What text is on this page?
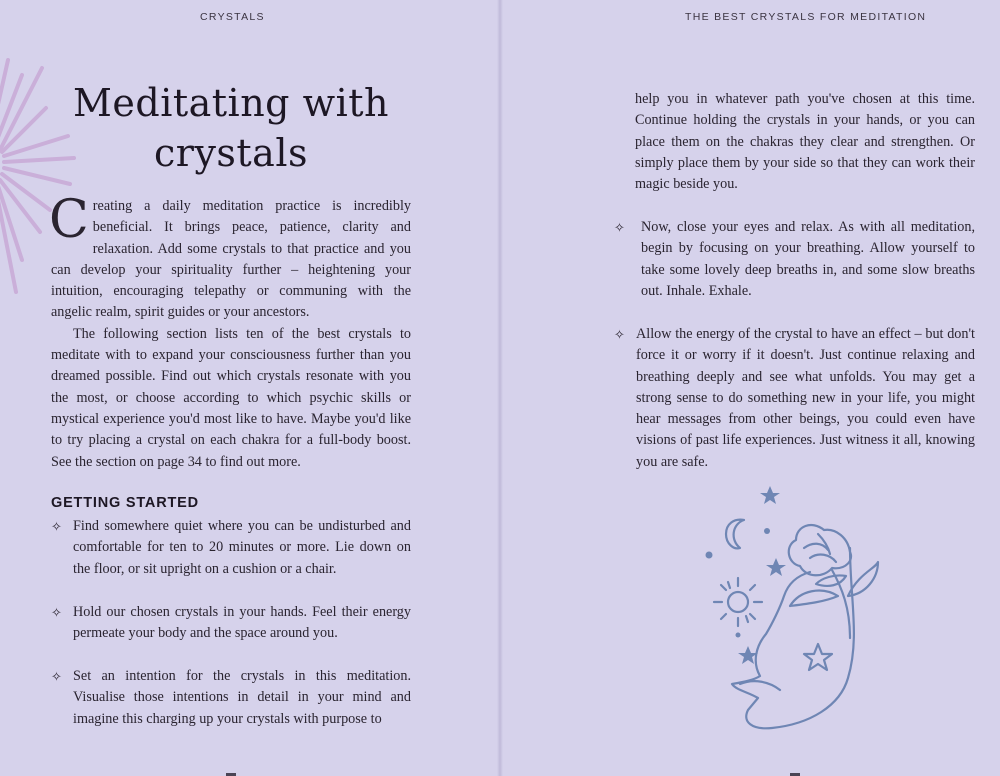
CRYSTALS
Meditating with crystals

Creating a daily meditation practice is incredibly beneficial. It brings peace, patience, clarity and relaxation. Add some crystals to that practice and you can develop your spirituality further – heightening your intuition, encouraging telepathy or communing with the angelic realm, spirit guides or your ancestors.

The following section lists ten of the best crystals to meditate with to expand your consciousness further than you dreamed possible. Find out which crystals resonate with you the most, or choose according to which psychic skills or mystical experience you'd most like to have. Maybe you'd like to try placing a crystal on each chakra for a full-body boost. See the section on page 34 to find out more.

GETTING STARTED
✧ Find somewhere quiet where you can be undisturbed and comfortable for ten to 20 minutes or more. Lie down on the floor, or sit upright on a cushion or a chair.

✧ Hold our chosen crystals in your hands. Feel their energy permeate your body and the space around you.

✧ Set an intention for the crystals in this meditation. Visualise those intentions in detail in your mind and imagine this charging up your crystals with purpose to

THE BEST CRYSTALS FOR MEDITATION

help you in whatever path you've chosen at this time. Continue holding the crystals in your hands, or you can place them on the chakras they clear and strengthen. Or simply place them by your side so that they can work their magic beside you.

✧ Now, close your eyes and relax. As with all meditation, begin by focusing on your breathing. Allow yourself to take some lovely deep breaths in, and some slow breaths out. Inhale. Exhale.

✧ Allow the energy of the crystal to have an effect – but don't force it or worry if it doesn't. Just continue relaxing and breathing deeply and see what unfolds. You may get a strong sense to do something new in your life, you might hear messages from other beings, you could even have visions of past life experiences. Just witness it all, knowing you are safe.
